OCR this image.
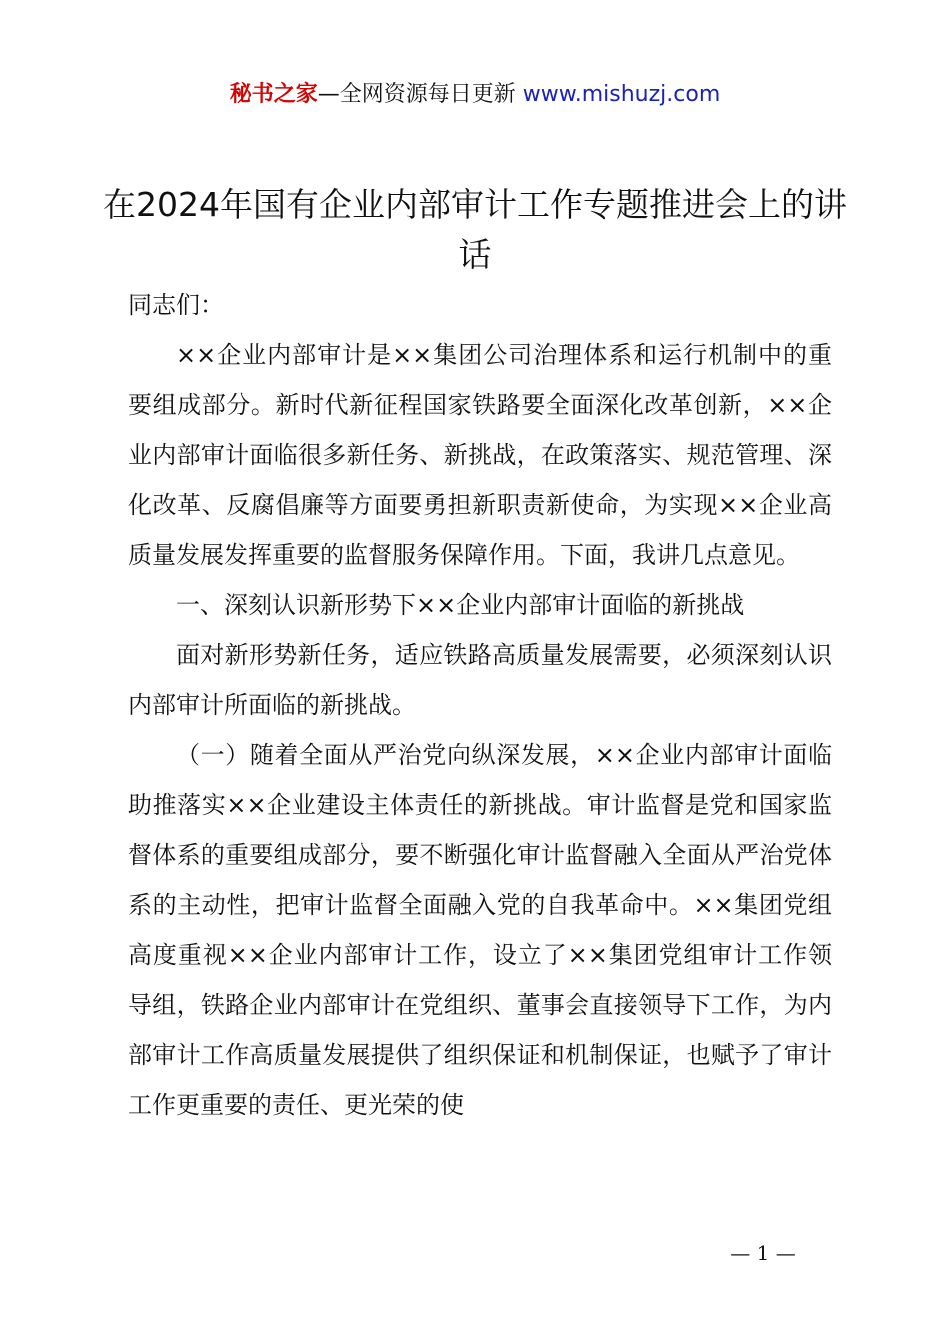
秘书之家—全网资源每日更新 www.mishuzj.com
在2024年国有企业内部审计工作专题推进会上的讲话

同志们：

××企业内部审计是××集团公司治理体系和运行机制中的重要组成部分。新时代新征程国家铁路要全面深化改革创新，××企业内部审计面临很多新任务、新挑战，在政策落实、规范管理、深化改革、反腐倡廉等方面要勇担新职责新使命，为实现××企业高质量发展发挥重要的监督服务保障作用。下面，我讲几点意见。

一、深刻认识新形势下××企业内部审计面临的新挑战

面对新形势新任务，适应铁路高质量发展需要，必须深刻认识内部审计所面临的新挑战。

（一）随着全面从严治党向纵深发展，××企业内部审计面临助推落实××企业建设主体责任的新挑战。审计监督是党和国家监督体系的重要组成部分，要不断强化审计监督融入全面从严治党体系的主动性，把审计监督全面融入党的自我革命中。××集团党组高度重视××企业内部审计工作，设立了××集团党组审计工作领导组，铁路企业内部审计在党组织、董事会直接领导下工作，为内部审计工作高质量发展提供了组织保证和机制保证，也赋予了审计工作更重要的责任、更光荣的使

— 1 —
